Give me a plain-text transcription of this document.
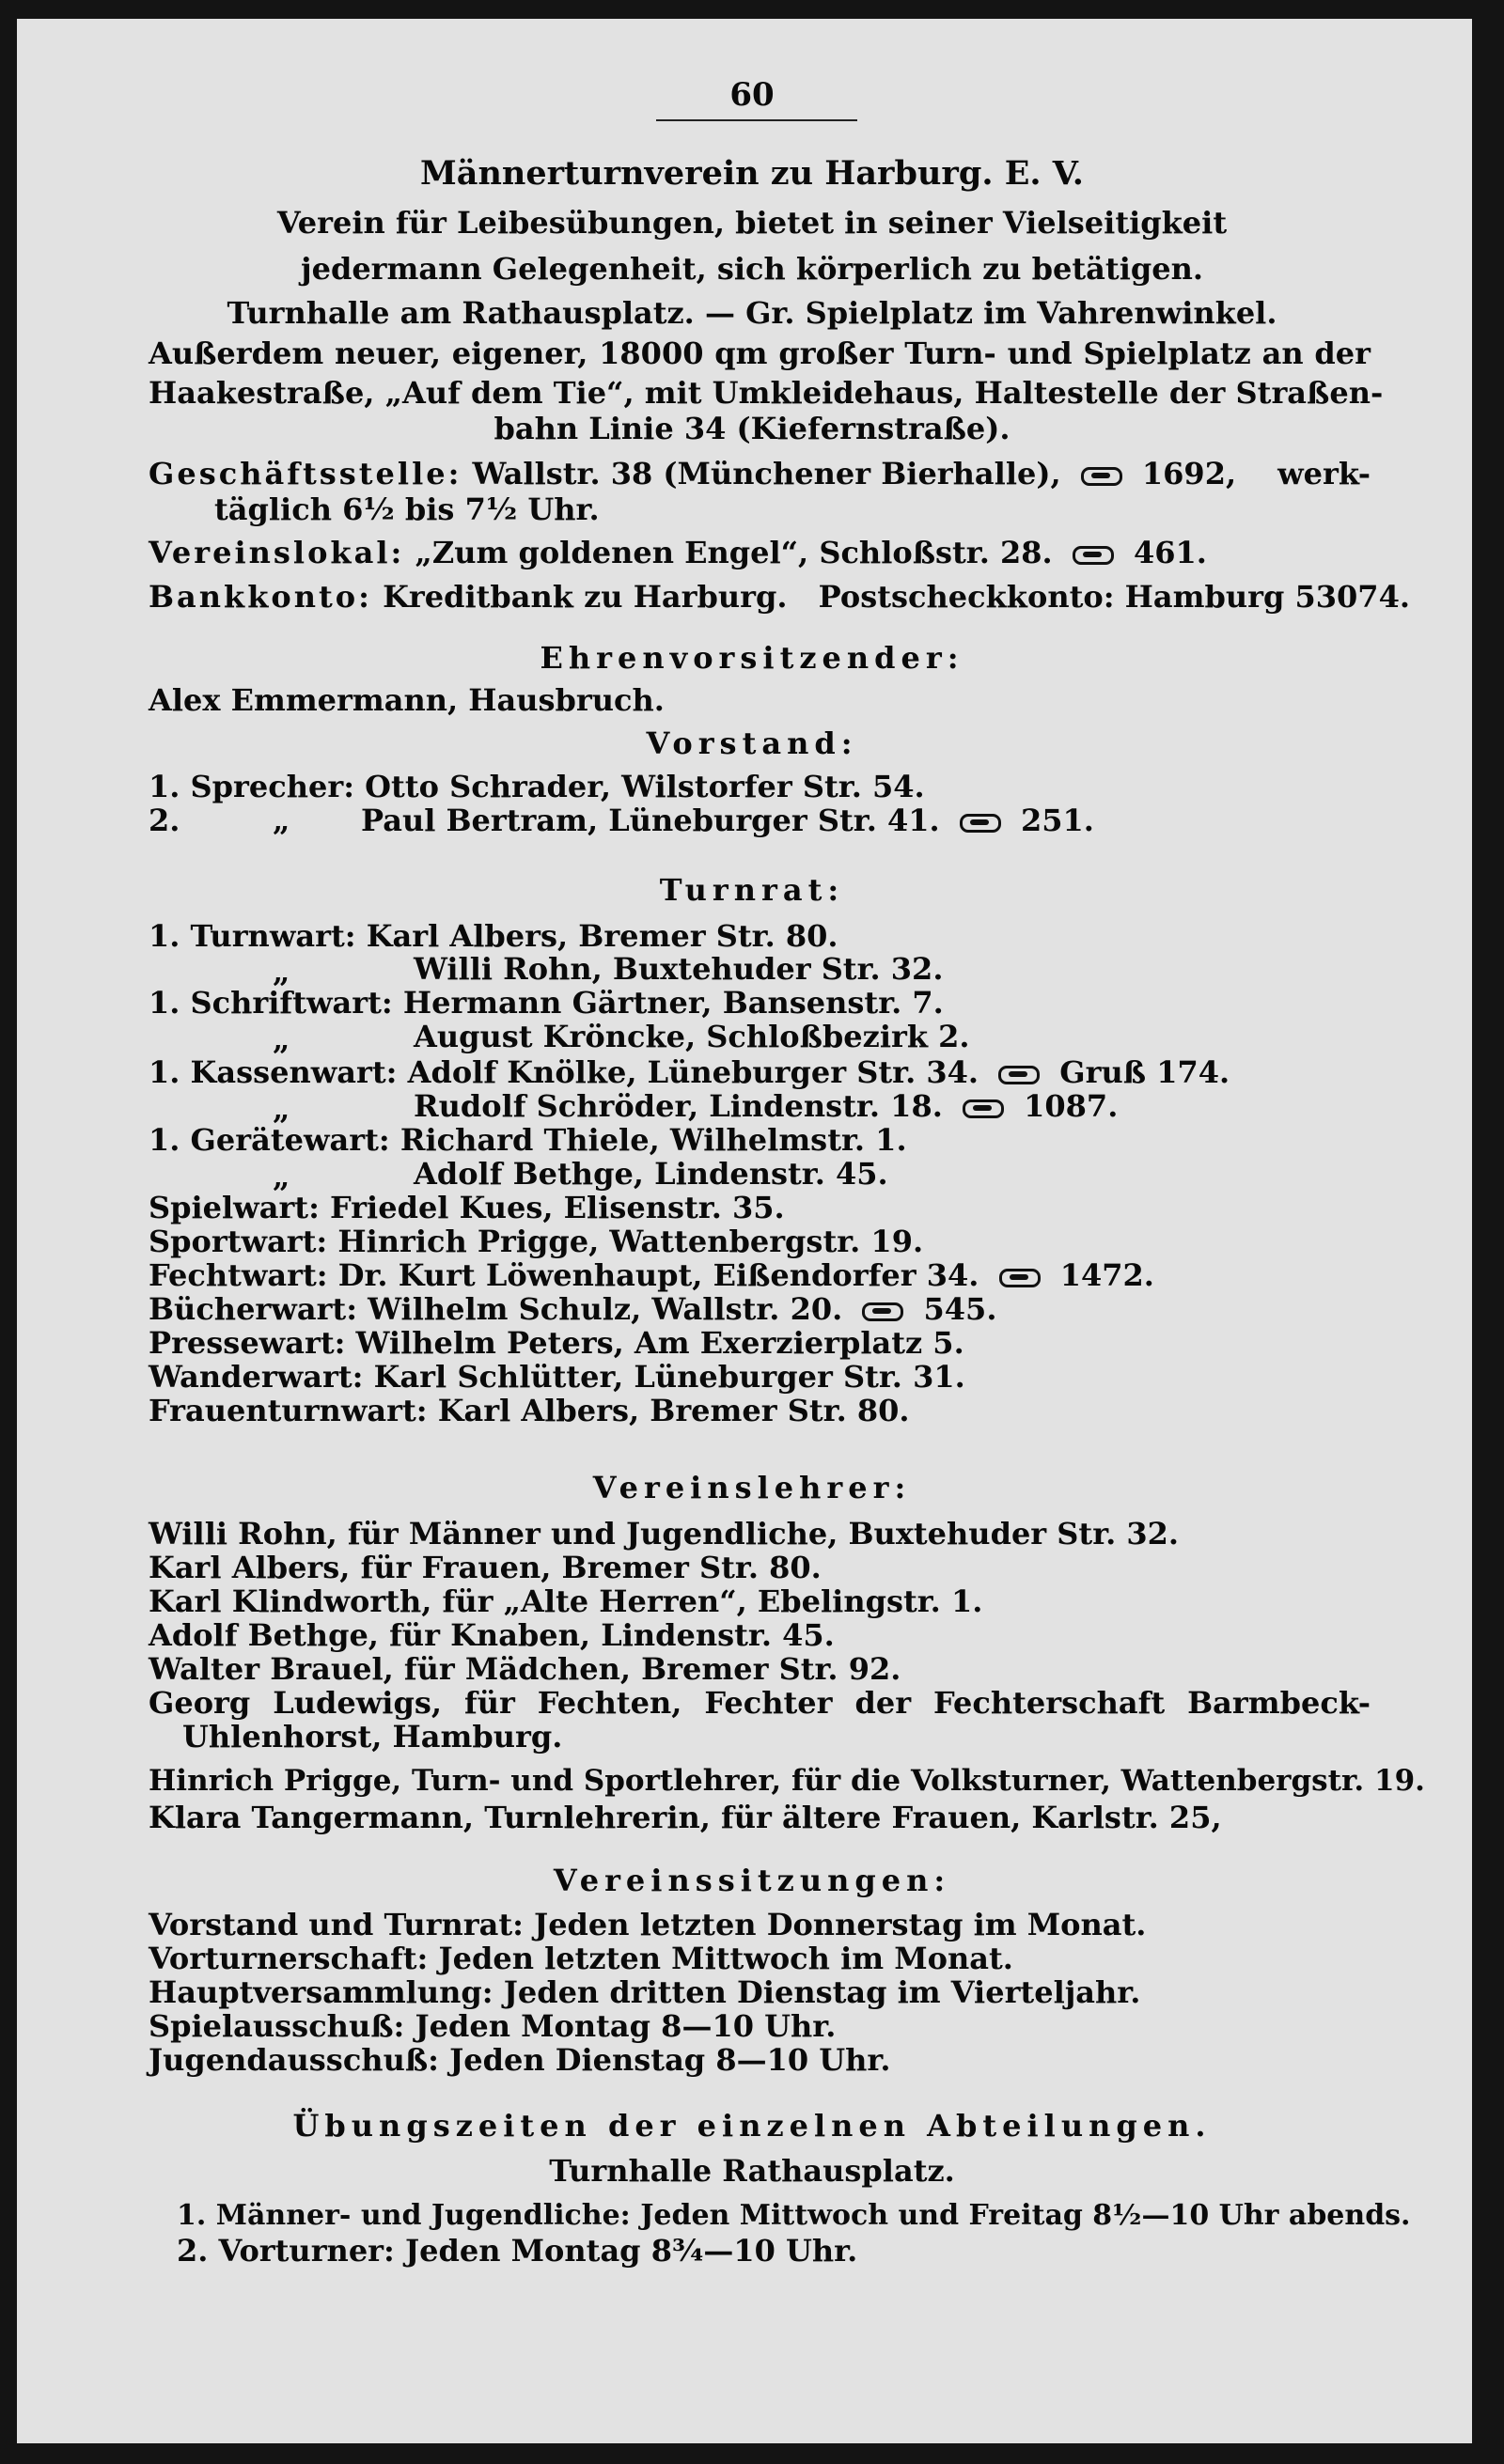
60
Männerturnverein zu Harburg. E. V.
Verein für Leibesübungen, bietet in seiner Vielseitigkeit
jedermann Gelegenheit, sich körperlich zu betätigen.
Turnhalle am Rathausplatz. — Gr. Spielplatz im Vahrenwinkel.
Außerdem neuer, eigener, 18000 qm großer Turn- und Spielplatz an der
Haakestraße, „Auf dem Tie“, mit Umkleidehaus, Haltestelle der Straßen-
bahn Linie 34 (Kiefernstraße).
Geschäftsstelle: Wallstr. 38 (Münchener Bierhalle),	1692, werk-
täglich 6½ bis 7½ Uhr.
Vereinslokal: „Zum goldenen Engel“, Schloßstr. 28.	461.
Bankkonto: Kreditbank zu Harburg. Postscheckkonto: Hamburg 53074.
Ehrenvorsitzender:
Alex Emmermann, Hausbruch.
Vorstand:
1. Sprecher: Otto Schrader, Wilstorfer Str. 54.
2.	„ Paul Bertram, Lüneburger Str. 41.	251.
Turnrat:
1. Turnwart: Karl Albers, Bremer Str. 80.
„	Willi Rohn, Buxtehuder Str. 32.
1. Schriftwart: Hermann Gärtner, Bansenstr. 7.
„	August Kröncke, Schloßbezirk 2.
1. Kassenwart: Adolf Knölke, Lüneburger Str. 34.	Gruß 174.
„	Rudolf Schröder, Lindenstr. 18.	1087.
1. Gerätewart: Richard Thiele, Wilhelmstr. 1.
„	Adolf Bethge, Lindenstr. 45.
Spielwart: Friedel Kues, Elisenstr. 35.
Sportwart: Hinrich Prigge, Wattenbergstr. 19.
Fechtwart: Dr. Kurt Löwenhaupt, Eißendorfer 34.	1472.
Bücherwart: Wilhelm Schulz, Wallstr. 20.	545.
Pressewart: Wilhelm Peters, Am Exerzierplatz 5.
Wanderwart: Karl Schlütter, Lüneburger Str. 31.
Frauenturnwart: Karl Albers, Bremer Str. 80.
Vereinslehrer:
Willi Rohn, für Männer und Jugendliche, Buxtehuder Str. 32.
Karl Albers, für Frauen, Bremer Str. 80.
Karl Klindworth, für „Alte Herren“, Ebelingstr. 1.
Adolf Bethge, für Knaben, Lindenstr. 45.
Walter Brauel, für Mädchen, Bremer Str. 92.
Georg Ludewigs, für Fechten, Fechter der Fechterschaft Barmbeck-
Uhlenhorst, Hamburg.
Hinrich Prigge, Turn- und Sportlehrer, für die Volksturner, Wattenbergstr. 19.
Klara Tangermann, Turnlehrerin, für ältere Frauen, Karlstr. 25,
Vereinssitzungen:
Vorstand und Turnrat: Jeden letzten Donnerstag im Monat.
Vorturnerschaft: Jeden letzten Mittwoch im Monat.
Hauptversammlung: Jeden dritten Dienstag im Vierteljahr.
Spielausschuß: Jeden Montag 8—10 Uhr.
Jugendausschuß: Jeden Dienstag 8—10 Uhr.
Übungszeiten der einzelnen Abteilungen.
Turnhalle Rathausplatz.
1. Männer- und Jugendliche: Jeden Mittwoch und Freitag 8½—10 Uhr abends.
2. Vorturner: Jeden Montag 8¾—10 Uhr.
